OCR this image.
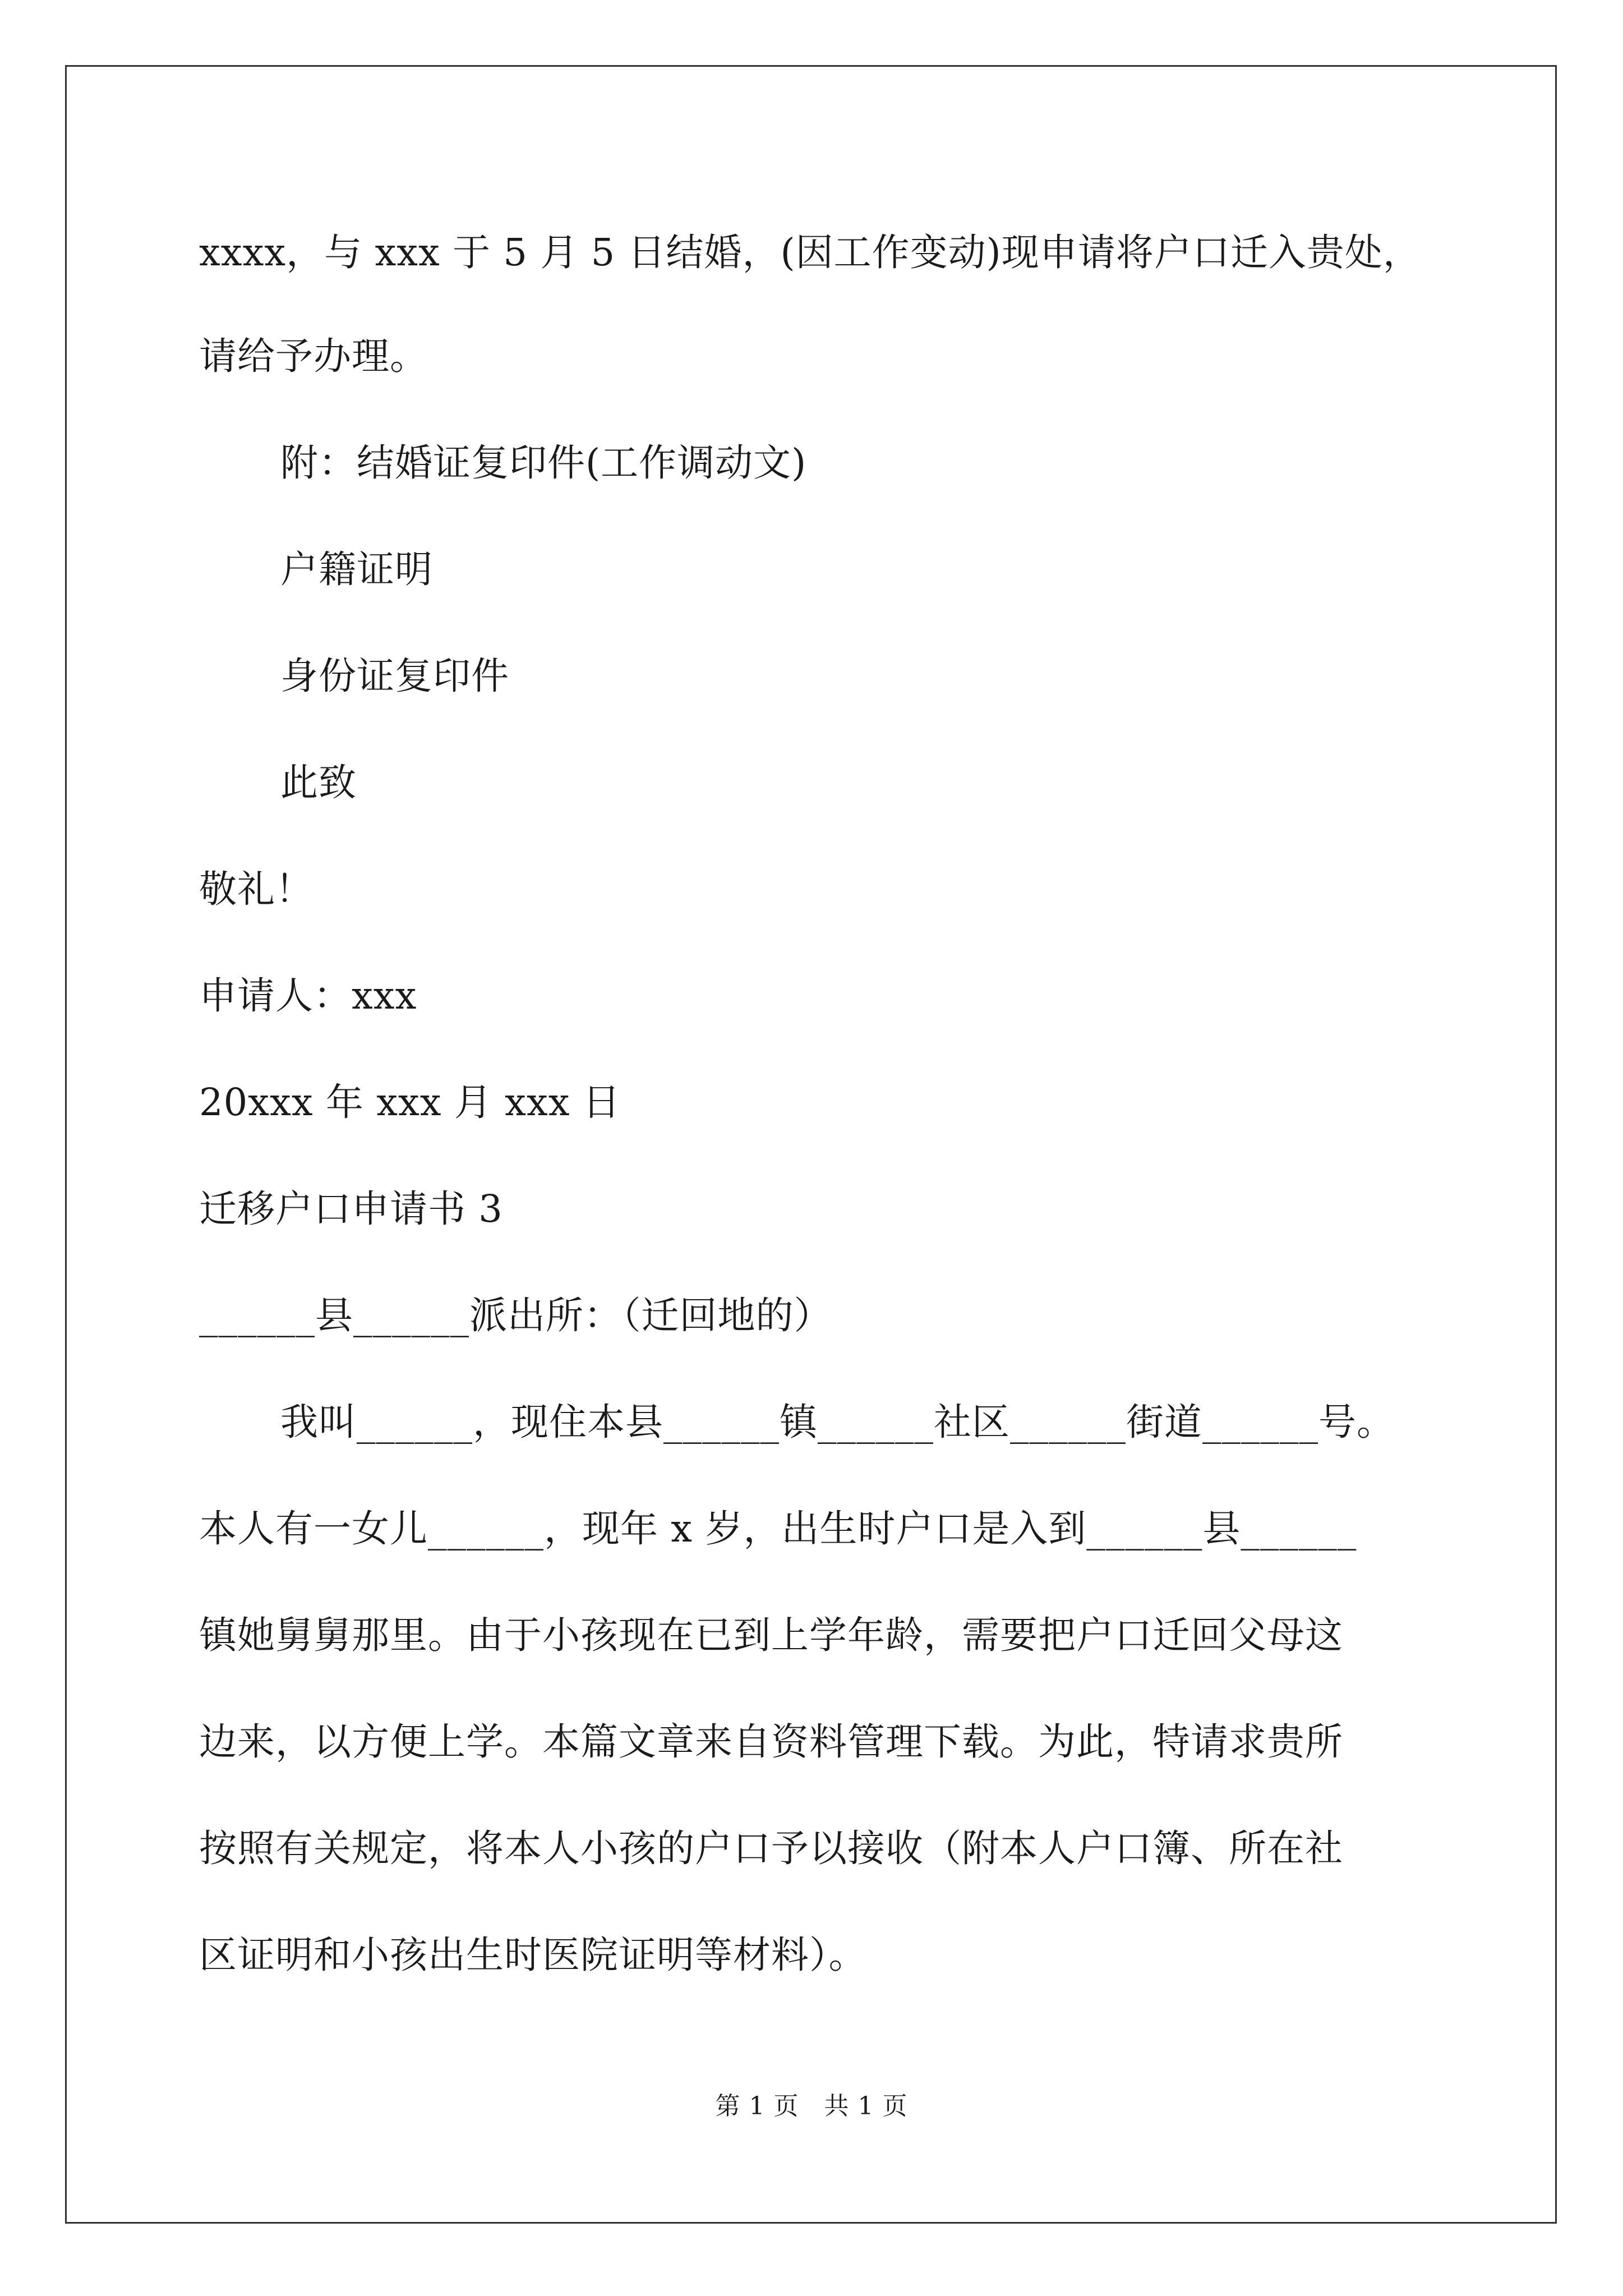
xxxx，与 xxx 于 5 月 5 日结婚，(因工作变动)现申请将户口迁入贵处，
请给予办理。
附：结婚证复印件(工作调动文)
户籍证明
身份证复印件
此致
敬礼！
申请人：xxx
20xxx 年 xxx 月 xxx 日
迁移户口申请书 3
______县______派出所：（迁回地的）
我叫______，现住本县______镇______社区______街道______号。
本人有一女儿______，现年 x 岁，出生时户口是入到______县______
镇她舅舅那里。由于小孩现在已到上学年龄，需要把户口迁回父母这
边来，以方便上学。本篇文章来自资料管理下载。为此，特请求贵所
按照有关规定，将本人小孩的户口予以接收（附本人户口簿、所在社
区证明和小孩出生时医院证明等材料）。
第 1 页　共 1 页
